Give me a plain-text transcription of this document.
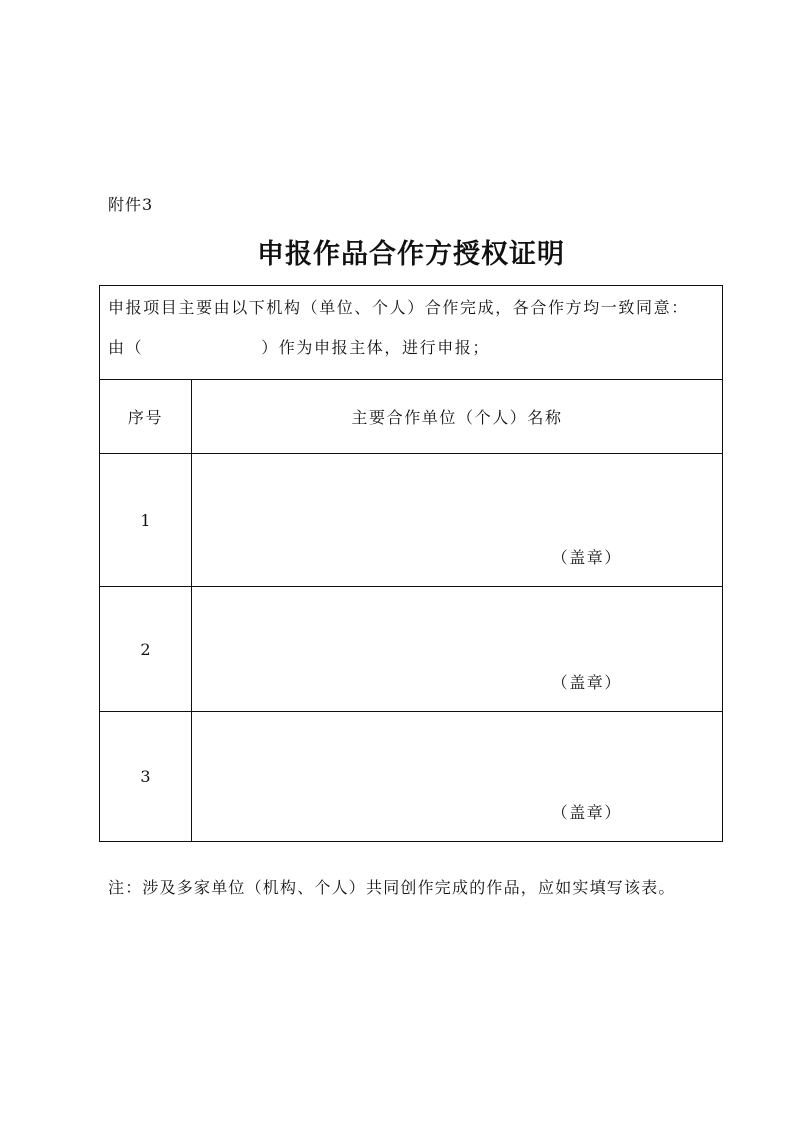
附件3
申报作品合作方授权证明
申报项目主要由以下机构（单位、个人）合作完成，各合作方均一致同意：
由（ ）作为申报主体，进行申报；	

序号	主要合作单位（个人）名称
1	（盖章）

2	（盖章）

3	（盖章）
注：涉及多家单位（机构、个人）共同创作完成的作品，应如实填写该表。
